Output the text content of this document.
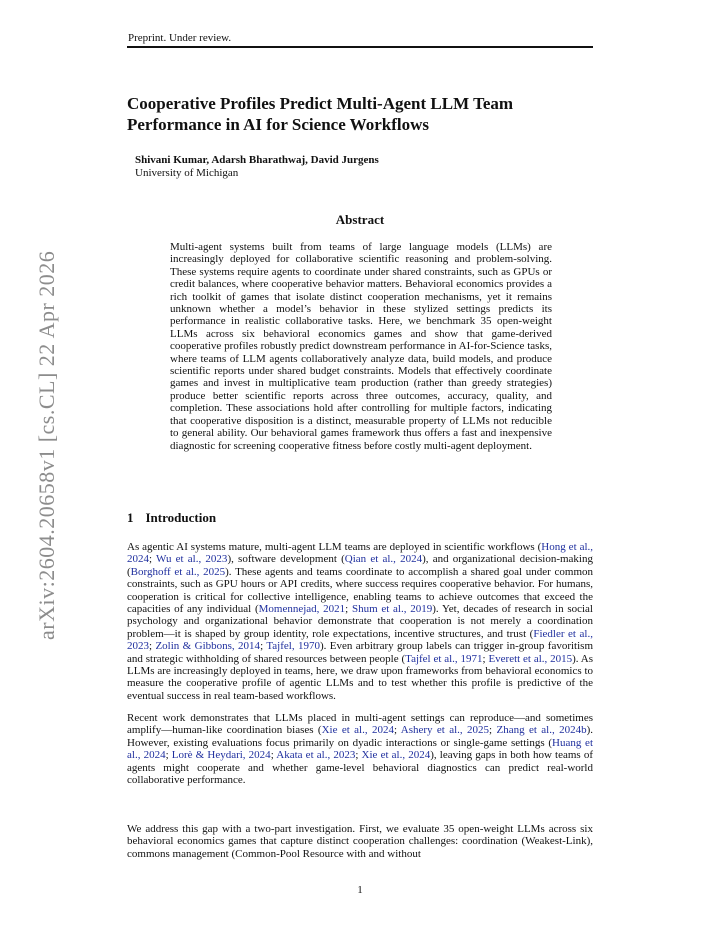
Preprint. Under review.
arXiv:2604.20658v1 [cs.CL] 22 Apr 2026
Cooperative Profiles Predict Multi-Agent LLM Team Performance in AI for Science Workflows
Shivani Kumar, Adarsh Bharathwaj, David Jurgens
University of Michigan
Abstract

Multi-agent systems built from teams of large language models (LLMs) are increasingly deployed for collaborative scientific reasoning and problem-solving. These systems require agents to coordinate under shared constraints, such as GPUs or credit balances, where cooperative behavior matters. Behavioral economics provides a rich toolkit of games that isolate distinct cooperation mechanisms, yet it remains unknown whether a model’s behavior in these stylized settings predicts its performance in realistic collaborative tasks. Here, we benchmark 35 open-weight LLMs across six behavioral economics games and show that game-derived cooperative profiles robustly predict downstream performance in AI-for-Science tasks, where teams of LLM agents collaboratively analyze data, build models, and produce scientific reports under shared budget constraints. Models that effectively coordinate games and invest in multiplicative team production (rather than greedy strategies) produce better scientific reports across three outcomes, accuracy, quality, and completion. These associations hold after controlling for multiple factors, indicating that cooperative disposition is a distinct, measurable property of LLMs not reducible to general ability. Our behavioral games framework thus offers a fast and inexpensive diagnostic for screening cooperative fitness before costly multi-agent deployment.

1 Introduction

As agentic AI systems mature, multi-agent LLM teams are deployed in scientific workflows (Hong et al., 2024; Wu et al., 2023), software development (Qian et al., 2024), and organizational decision-making (Borghoff et al., 2025). These agents and teams coordinate to accomplish a shared goal under common constraints, such as GPU hours or API credits, where success requires cooperative behavior. For humans, cooperation is critical for collective intelligence, enabling teams to achieve outcomes that exceed the capacities of any individual (Momennejad, 2021; Shum et al., 2019). Yet, decades of research in social psychology and organizational behavior demonstrate that cooperation is not merely a coordination problem—it is shaped by group identity, role expectations, incentive structures, and trust (Fiedler et al., 2023; Zolin & Gibbons, 2014; Tajfel, 1970). Even arbitrary group labels can trigger in-group favoritism and strategic withholding of shared resources between people (Tajfel et al., 1971; Everett et al., 2015). As LLMs are increasingly deployed in teams, here, we draw upon frameworks from behavioral economics to measure the cooperative profile of agentic LLMs and to test whether this profile is predictive of the eventual success in real team-based workflows.

Recent work demonstrates that LLMs placed in multi-agent settings can reproduce—and sometimes amplify—human-like coordination biases (Xie et al., 2024; Ashery et al., 2025; Zhang et al., 2024b). However, existing evaluations focus primarily on dyadic interactions or single-game settings (Huang et al., 2024; Lorè & Heydari, 2024; Akata et al., 2023; Xie et al., 2024), leaving gaps in both how teams of agents might cooperate and whether game-level behavioral diagnostics can predict real-world collaborative performance.

We address this gap with a two-part investigation. First, we evaluate 35 open-weight LLMs across six behavioral economics games that capture distinct cooperation challenges: coordination (Weakest-Link), commons management (Common-Pool Resource with and without

1
